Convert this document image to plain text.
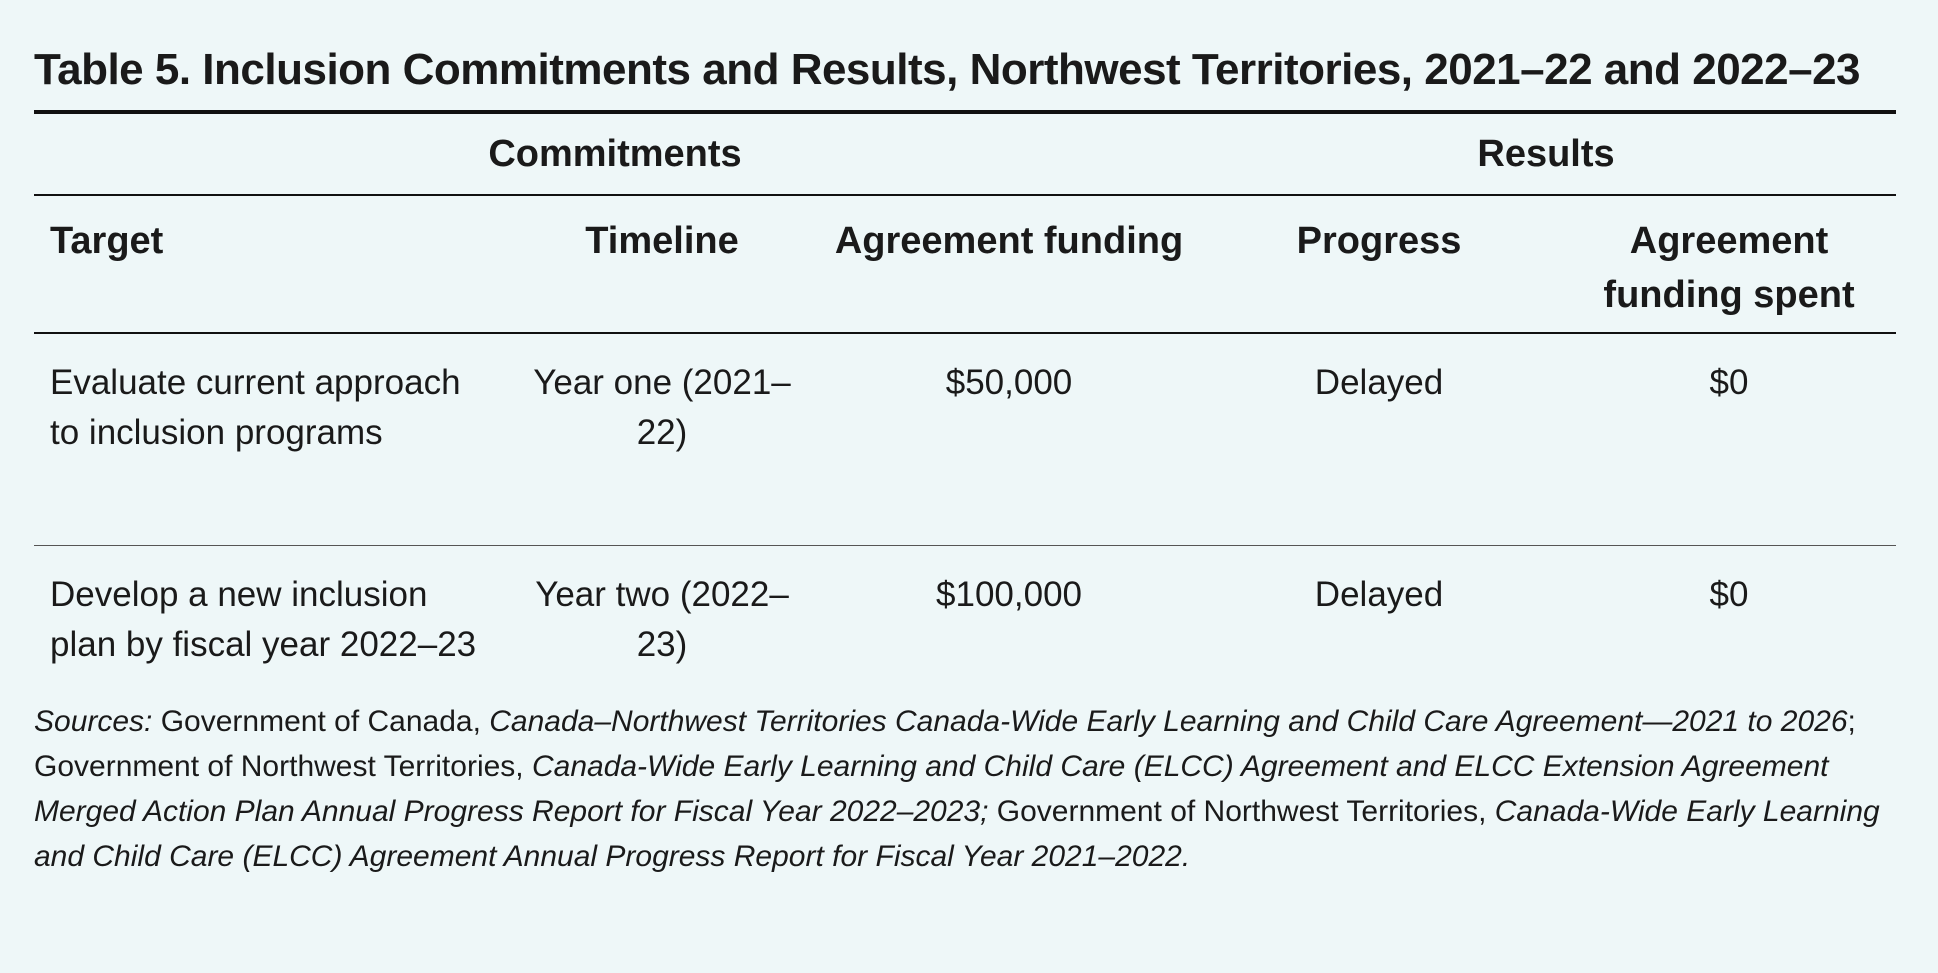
Table 5. Inclusion Commitments and Results, Northwest Territories, 2021–22 and 2022–23
Commitments			Results	
Target	Timeline	Agreement funding	Progress	Agreement funding spent
Evaluate current approach to inclusion programs	Year one (2021–22)	$50,000	Delayed	$0
Develop a new inclusion plan by fiscal year 2022–23	Year two (2022–23)	$100,000	Delayed	$0

Sources: Government of Canada, Canada–Northwest Territories Canada-Wide Early Learning and Child Care Agreement—2021 to 2026; Government of Northwest Territories, Canada-Wide Early Learning and Child Care (ELCC) Agreement and ELCC Extension Agreement Merged Action Plan Annual Progress Report for Fiscal Year 2022–2023; Government of Northwest Territories, Canada-Wide Early Learning and Child Care (ELCC) Agreement Annual Progress Report for Fiscal Year 2021–2022.
